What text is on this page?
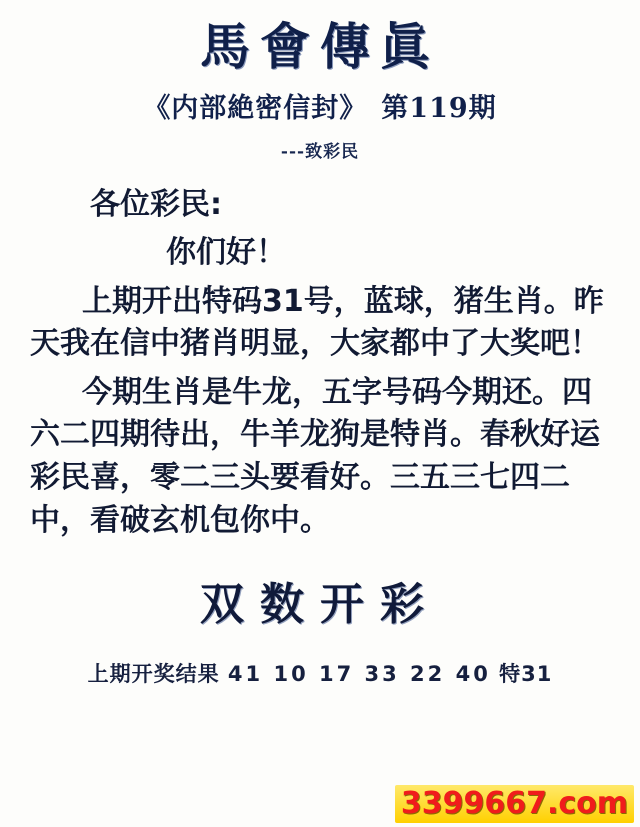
馬會傳眞
《内部絶密信封》 第119期
---致彩民
各位彩民:
你们好！
上期开出特码31号，蓝球，猪生肖。昨天我在信中猪肖明显，大家都中了大奖吧！
今期生肖是牛龙，五字号码今期还。四六二四期待出，牛羊龙狗是特肖。春秋好运彩民喜，零二三头要看好。三五三七四二中，看破玄机包你中。
双数开彩
上期开奖结果 41 10 17 33 22 40 特31
3399667.com
